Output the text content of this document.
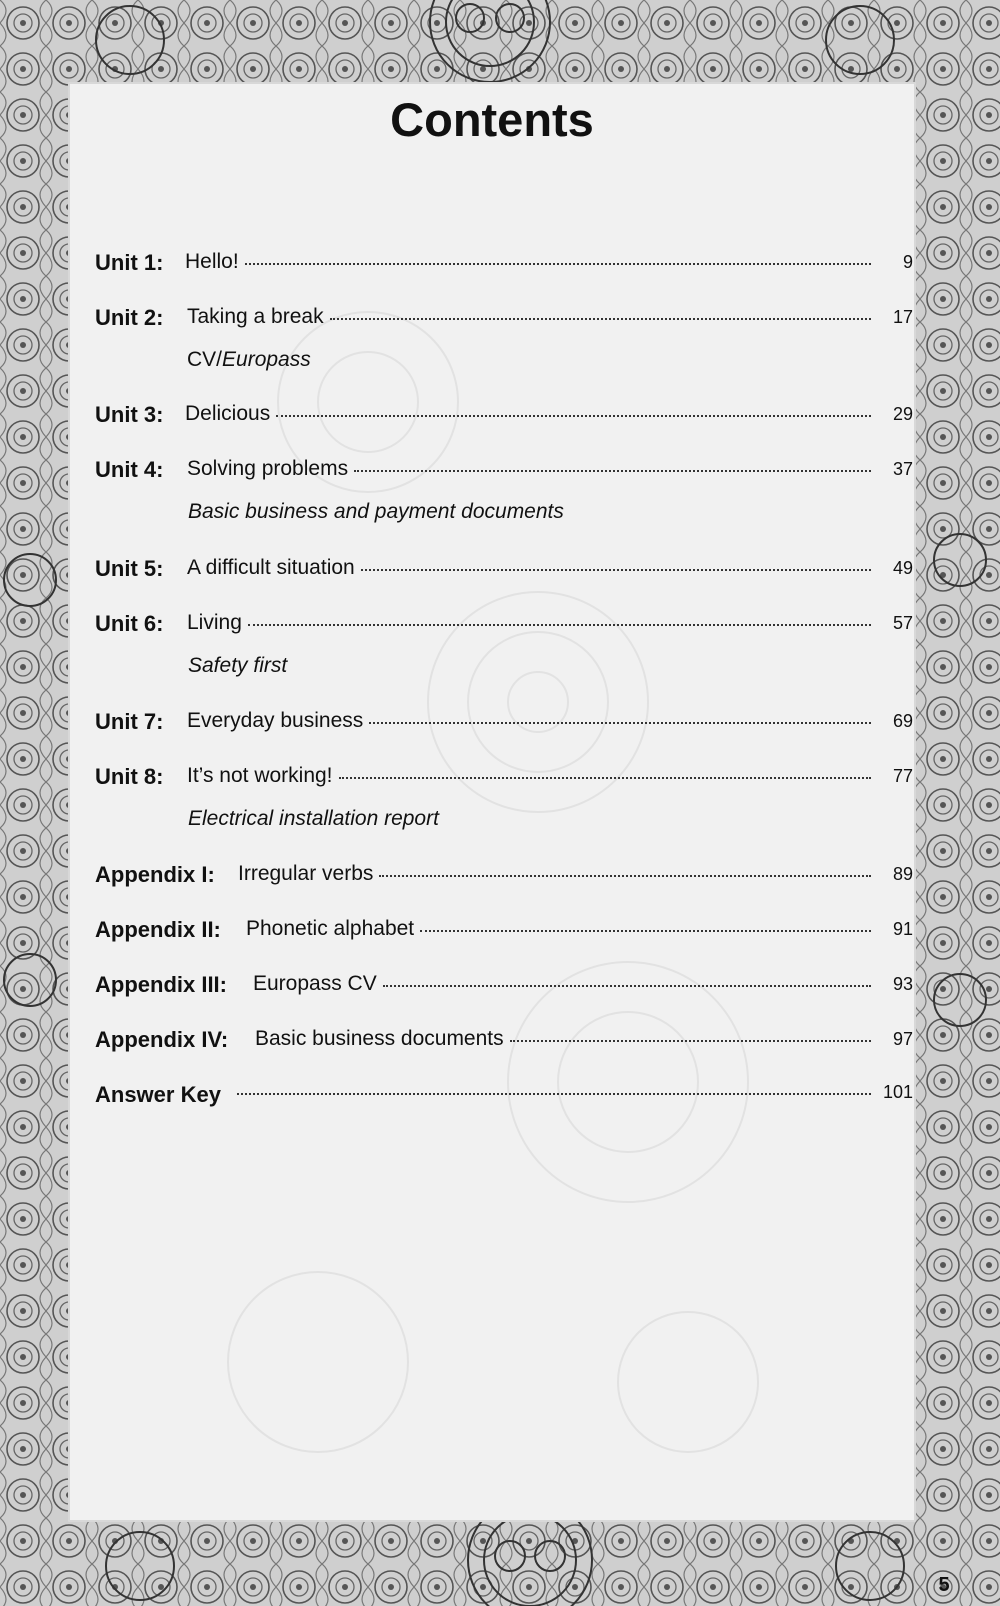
Contents
Unit 1: Hello!	9
Unit 2: Taking a break	17
CV/Europass
Unit 3: Delicious	29
Unit 4: Solving problems	37
Basic business and payment documents
Unit 5: A difficult situation	49
Unit 6: Living	57
Safety first
Unit 7: Everyday business	69
Unit 8: It’s not working!	77
Electrical installation report
Appendix I: Irregular verbs	89
Appendix II: Phonetic alphabet	91
Appendix III: Europass CV	93
Appendix IV: Basic business documents	97
Answer Key	101
5
